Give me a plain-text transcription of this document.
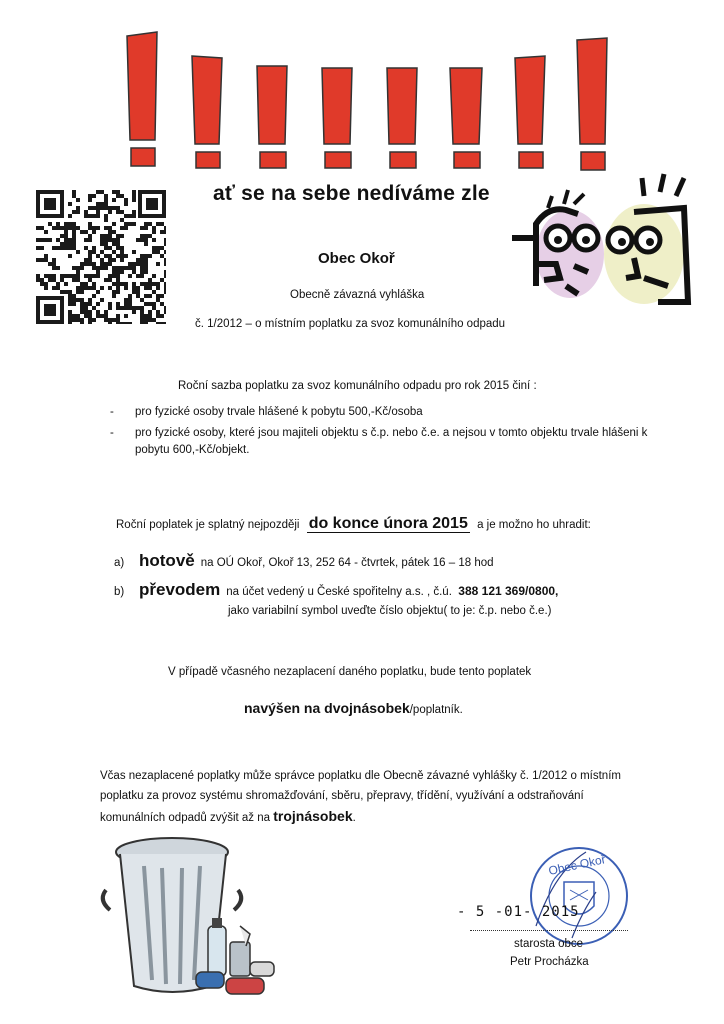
ať se na sebe nedíváme zle
Obec Okoř
Obecně závazná vyhláška
č. 1/2012 – o místním poplatku za svoz komunálního odpadu
Roční sazba poplatku za svoz komunálního odpadu pro rok 2015 činí :
- pro fyzické osoby trvale hlášené k pobytu 500,-Kč/osoba
- pro fyzické osoby, které jsou majiteli objektu s č.p. nebo č.e. a nejsou v tomto objektu trvale hlášeni k pobytu 600,-Kč/objekt.
Roční poplatek je splatný nejpozději do konce února 2015 a je možno ho uhradit:
a) hotově na OÚ Okoř, Okoř 13, 252 64 - čtvrtek, pátek 16 – 18 hod
b) převodem na účet vedený u České spořitelny a.s. , č.ú. 388 121 369/0800,
jako variabilní symbol uveďte číslo objektu( to je: č.p. nebo č.e.)
V případě včasného nezaplacení daného poplatku, bude tento poplatek
navýšen na dvojnásobek/poplatník.
Včas nezaplacené poplatky může správce poplatku dle Obecně závazné vyhlášky č. 1/2012 o místním poplatku za provoz systému shromažďování, sběru, přepravy, třídění, využívání a odstraňování komunálních odpadů zvýšit až na trojnásobek.
Obec Okoř
- 5 -01- 2015
starosta obce
Petr Procházka
